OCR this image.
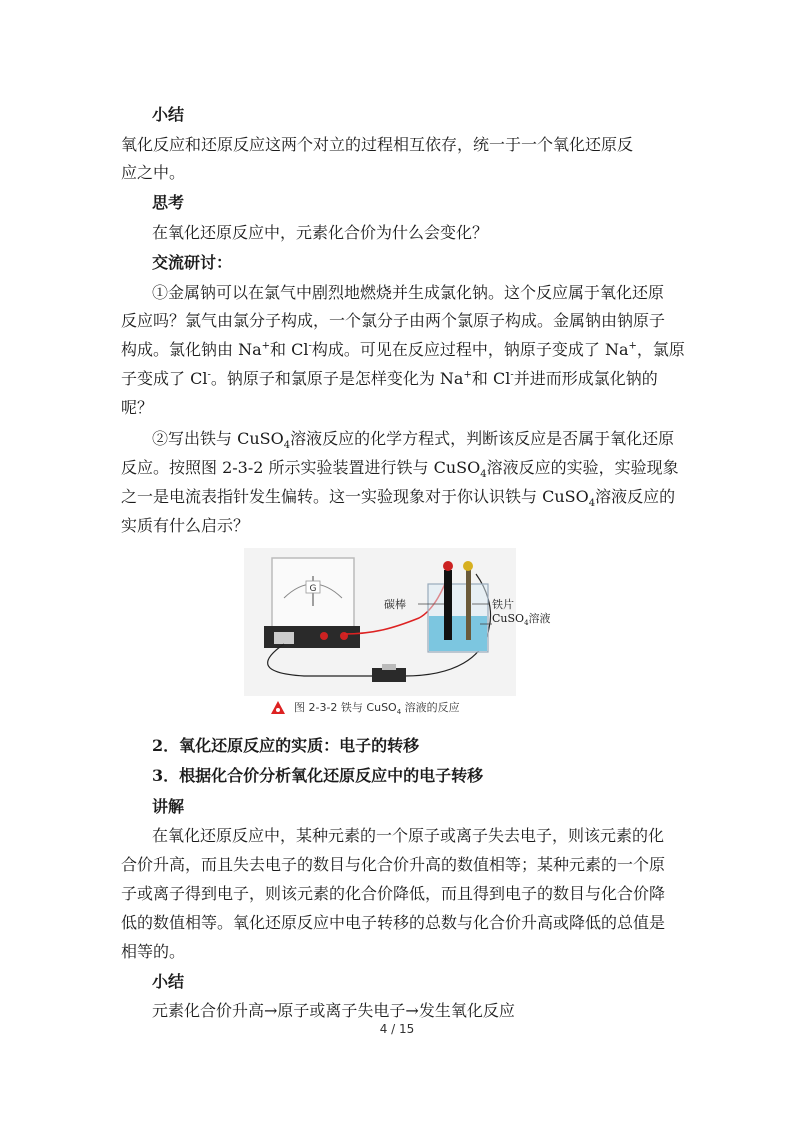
小结
氧化反应和还原反应这两个对立的过程相互依存，统一于一个氧化还原反
应之中。
思考
在氧化还原反应中，元素化合价为什么会变化？
交流研讨：
①金属钠可以在氯气中剧烈地燃烧并生成氯化钠。这个反应属于氧化还原
反应吗？氯气由氯分子构成，一个氯分子由两个氯原子构成。金属钠由钠原子
构成。氯化钠由 Na+和 Cl-构成。可见在反应过程中，钠原子变成了 Na+，氯原
子变成了 Cl-。钠原子和氯原子是怎样变化为 Na+和 Cl-并进而形成氯化钠的
呢？
②写出铁与 CuSO$_4$溶液反应的化学方程式，判断该反应是否属于氧化还原
反应。按照图 2-3-2 所示实验装置进行铁与 CuSO$_4$溶液反应的实验，实验现象
之一是电流表指针发生偏转。这一实验现象对于你认识铁与 CuSO$_4$溶液反应的
实质有什么启示？
G
碳棒	铁片
CuSO$_4$溶液
图 2-3-2 铁与 CuSO$_4$ 溶液的反应
2．氧化还原反应的实质：电子的转移
3．根据化合价分析氧化还原反应中的电子转移
讲解
在氧化还原反应中，某种元素的一个原子或离子失去电子，则该元素的化
合价升高，而且失去电子的数目与化合价升高的数值相等；某种元素的一个原
子或离子得到电子，则该元素的化合价降低，而且得到电子的数目与化合价降
低的数值相等。氧化还原反应中电子转移的总数与化合价升高或降低的总值是
相等的。
小结
元素化合价升高→原子或离子失电子→发生氧化反应
4 / 15
